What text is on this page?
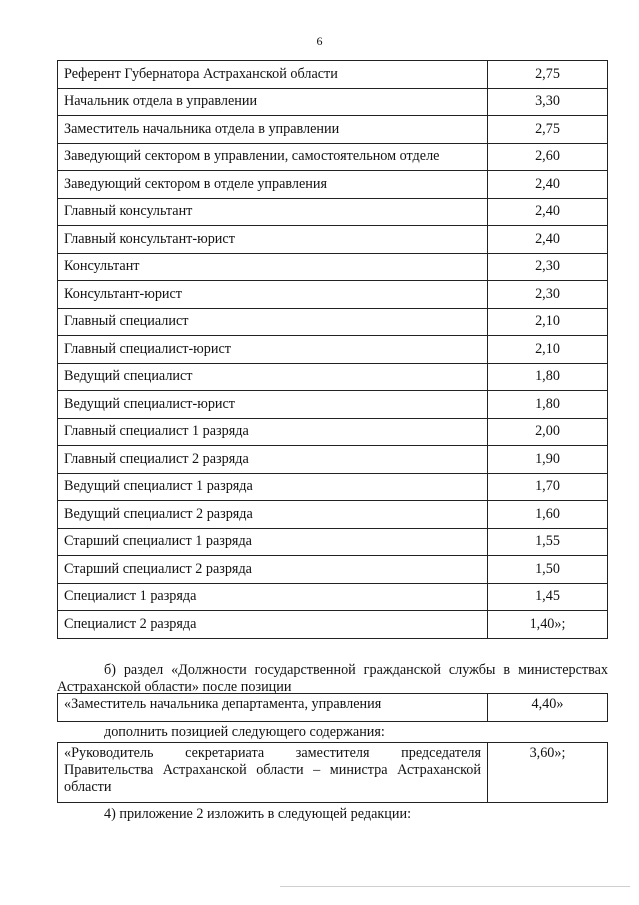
6
Референт Губернатора Астраханской области	2,75
Начальник отдела в управлении	3,30
Заместитель начальника отдела в управлении	2,75
Заведующий сектором в управлении, самостоятельном отделе	2,60
Заведующий сектором в отделе управления	2,40
Главный консультант	2,40
Главный консультант-юрист	2,40
Консультант	2,30
Консультант-юрист	2,30
Главный специалист	2,10
Главный специалист-юрист	2,10
Ведущий специалист	1,80
Ведущий специалист-юрист	1,80
Главный специалист 1 разряда	2,00
Главный специалист 2 разряда	1,90
Ведущий специалист 1 разряда	1,70
Ведущий специалист 2 разряда	1,60
Старший специалист 1 разряда	1,55
Старший специалист 2 разряда	1,50
Специалист 1 разряда	1,45
Специалист 2 разряда	1,40»;
б) раздел «Должности государственной гражданской службы в министерствах Астраханской области» после позиции
«Заместитель начальника департамента, управления	4,40»
дополнить позицией следующего содержания:
«Руководитель секретариата заместителя председателя Правительства Астраханской области – министра Астраханской области	3,60»;
4) приложение 2 изложить в следующей редакции:
